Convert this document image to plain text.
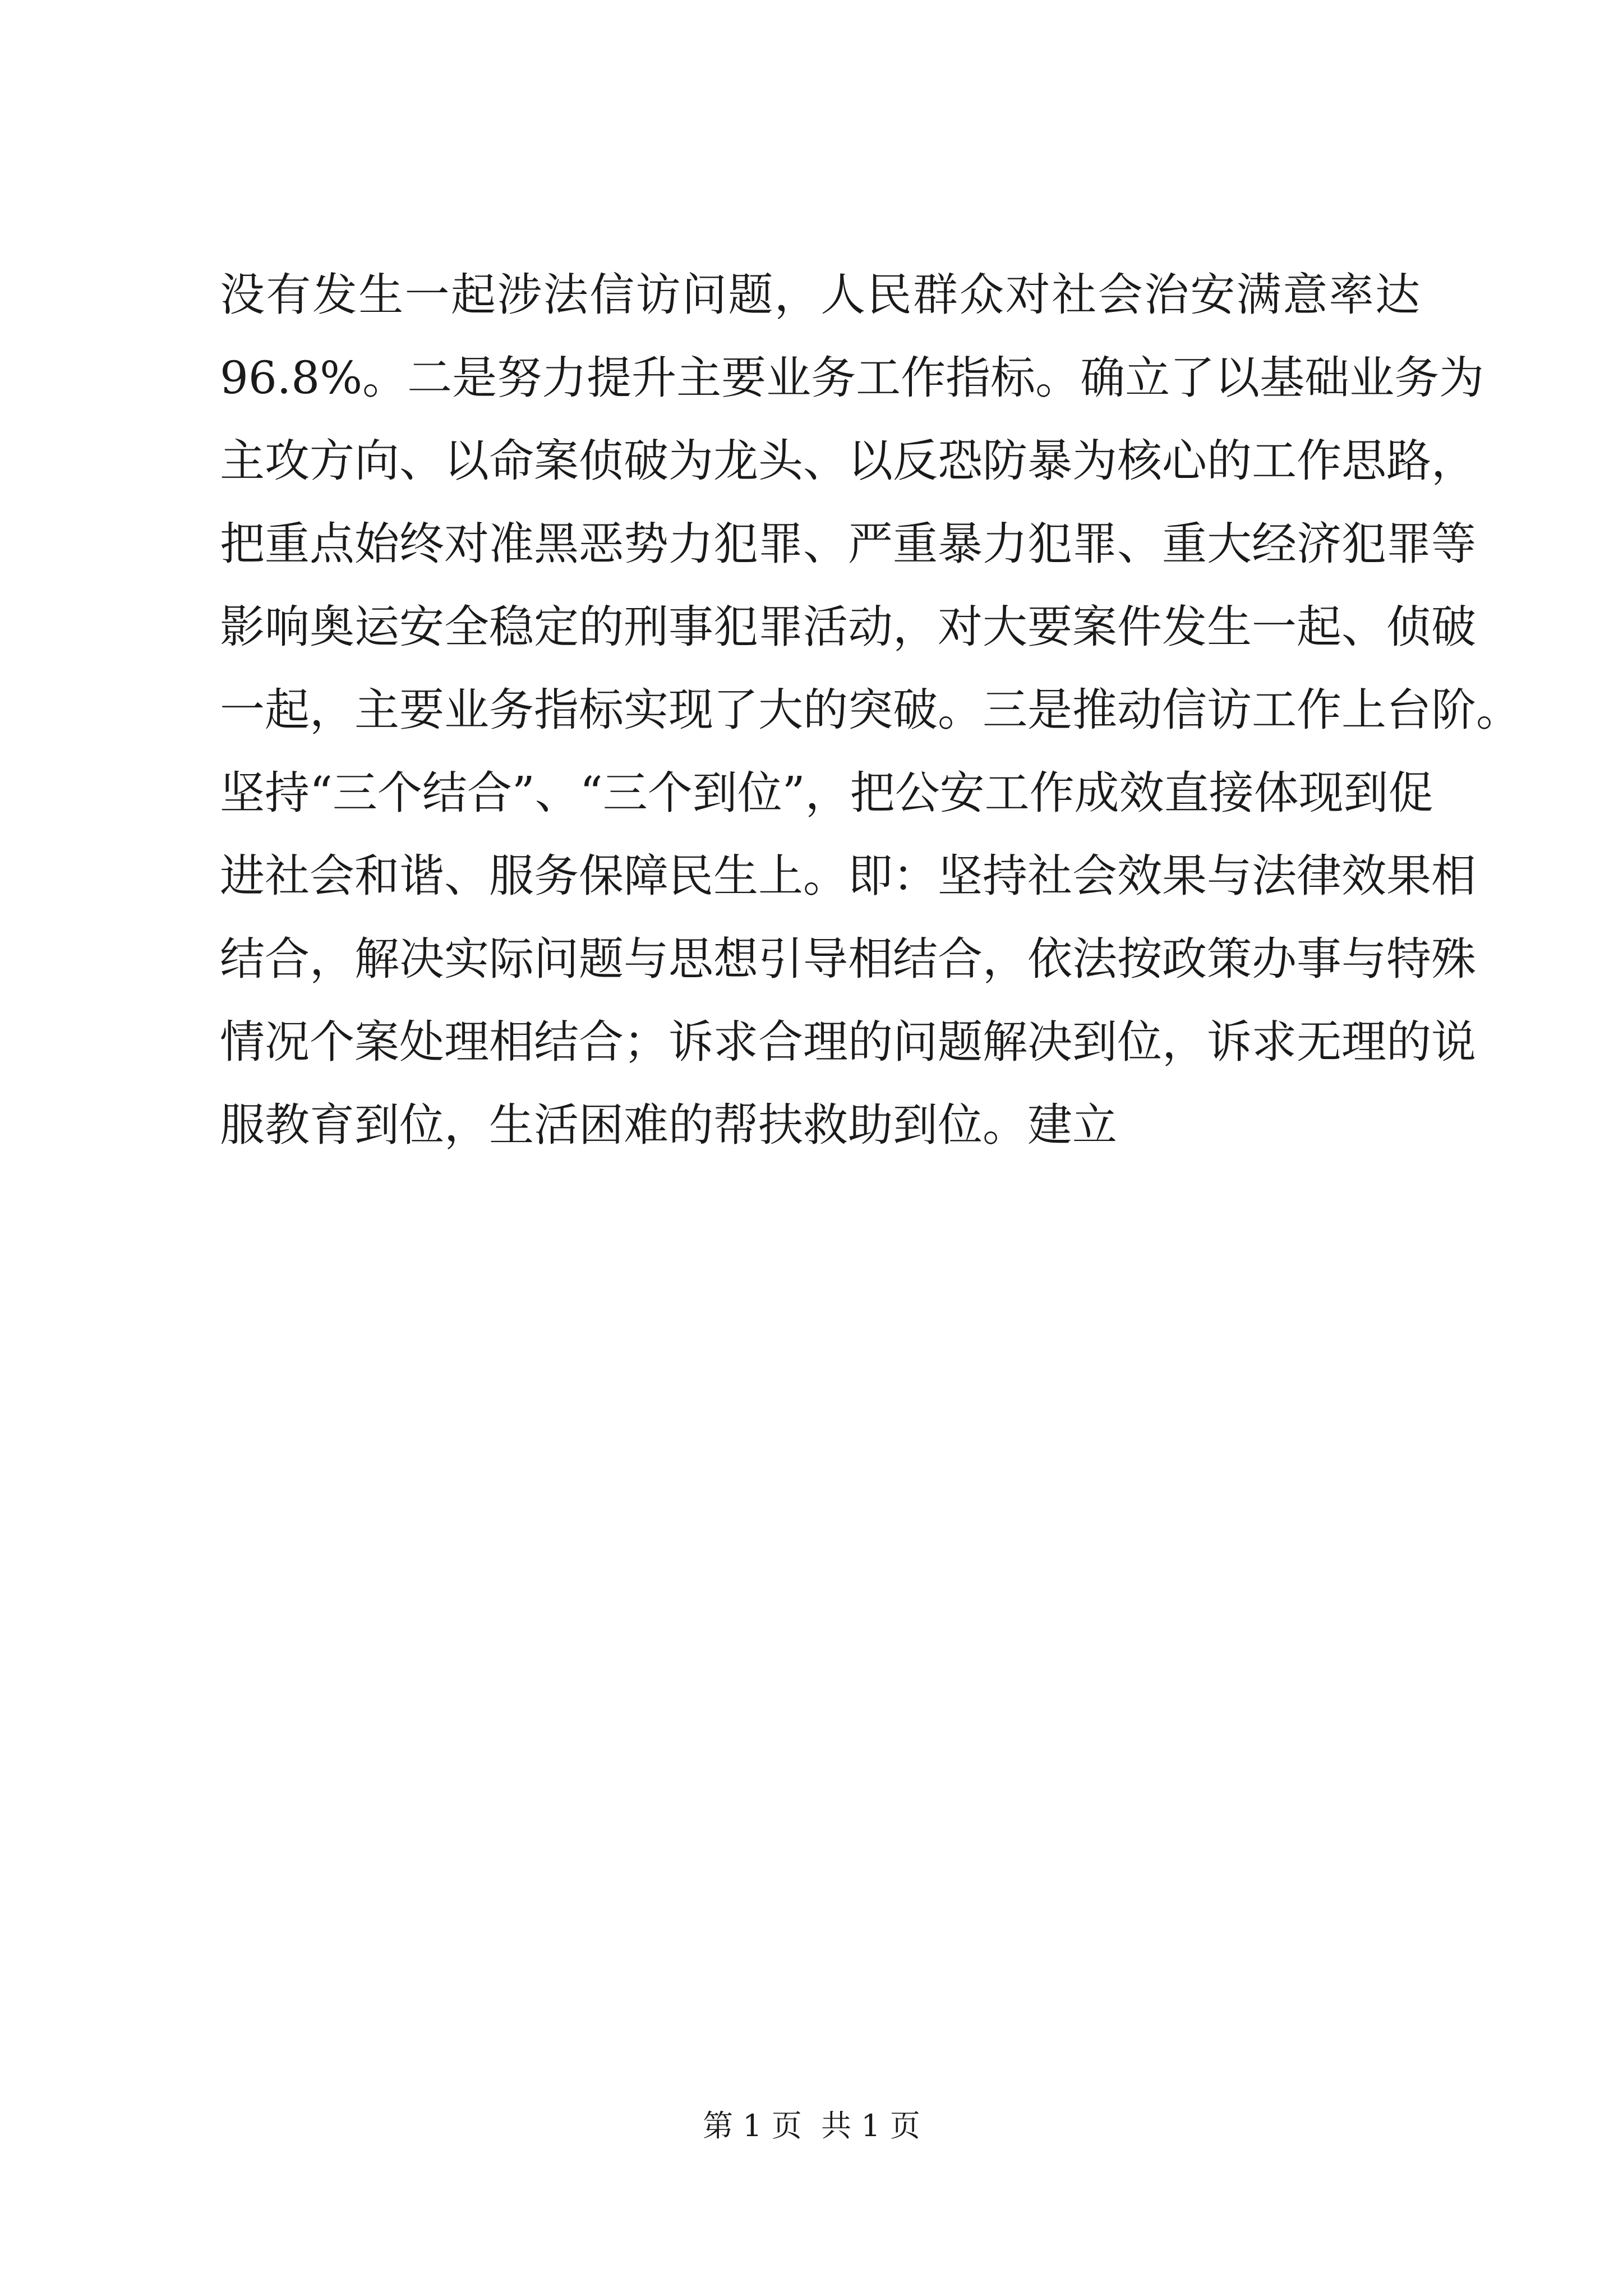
没有发生一起涉法信访问题，人民群众对社会治安满意率达
96.8%。二是努力提升主要业务工作指标。确立了以基础业务为
主攻方向、以命案侦破为龙头、以反恐防暴为核心的工作思路，
把重点始终对准黑恶势力犯罪、严重暴力犯罪、重大经济犯罪等
影响奥运安全稳定的刑事犯罪活动，对大要案件发生一起、侦破
一起，主要业务指标实现了大的突破。三是推动信访工作上台阶。
坚持“三个结合”、“三个到位”，把公安工作成效直接体现到促
进社会和谐、服务保障民生上。即：坚持社会效果与法律效果相
结合，解决实际问题与思想引导相结合，依法按政策办事与特殊
情况个案处理相结合；诉求合理的问题解决到位，诉求无理的说
服教育到位，生活困难的帮扶救助到位。建立
第 1 页  共 1 页
